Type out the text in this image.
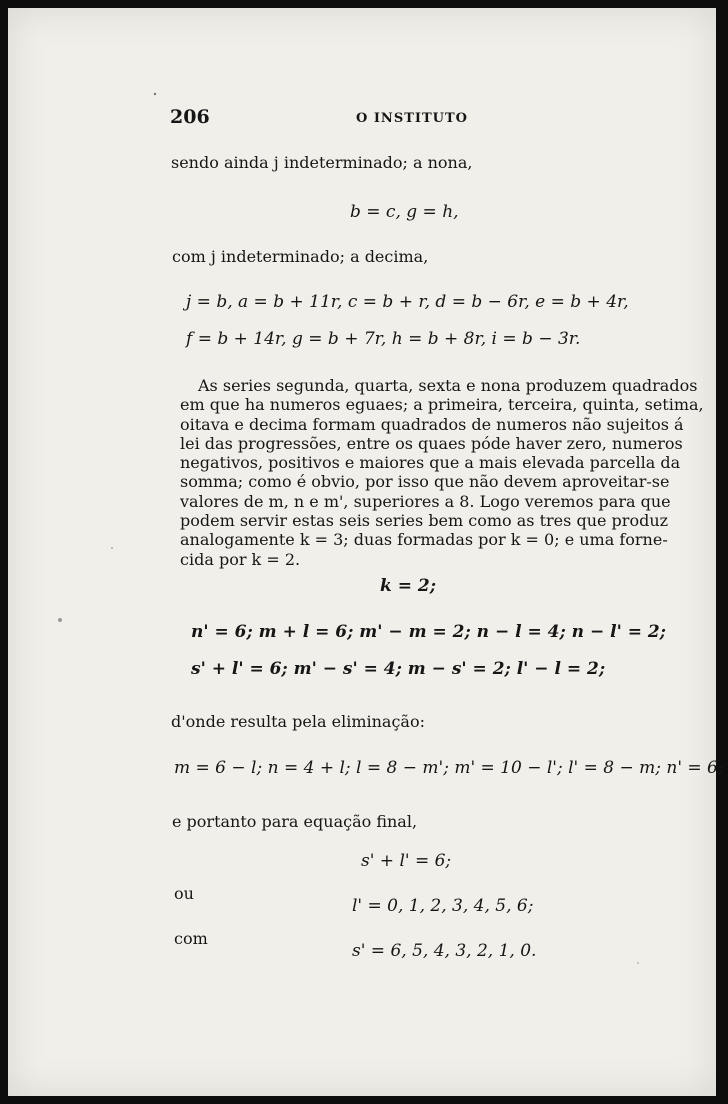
206	O INSTITUTO
sendo ainda j indeterminado; a nona,
b = c, g = h,
com j indeterminado; a decima,
j = b, a = b + 11r, c = b + r, d = b − 6r, e = b + 4r,
f = b + 14r, g = b + 7r, h = b + 8r, i = b − 3r.
As series segunda, quarta, sexta e nona produzem quadrados
em que ha numeros eguaes; a primeira, terceira, quinta, setima,
oitava e decima formam quadrados de numeros não sujeitos á
lei das progressões, entre os quaes póde haver zero, numeros
negativos, positivos e maiores que a mais elevada parcella da
somma; como é obvio, por isso que não devem aproveitar-se
valores de m, n e m', superiores a 8. Logo veremos para que
podem servir estas seis series bem como as tres que produz
analogamente k = 3; duas formadas por k = 0; e uma forne-
cida por k = 2.
k = 2;
n' = 6; m + l = 6; m' − m = 2; n − l = 4; n − l' = 2;
s' + l' = 6; m' − s' = 4; m − s' = 2; l' − l = 2;
d'onde resulta pela eliminação:
m = 6 − l; n = 4 + l; l = 8 − m'; m' = 10 − l'; l' = 8 − m; n' = 6;
e portanto para equação final,
s' + l' = 6;
ou
l' = 0, 1, 2, 3, 4, 5, 6;
com
s' = 6, 5, 4, 3, 2, 1, 0.
